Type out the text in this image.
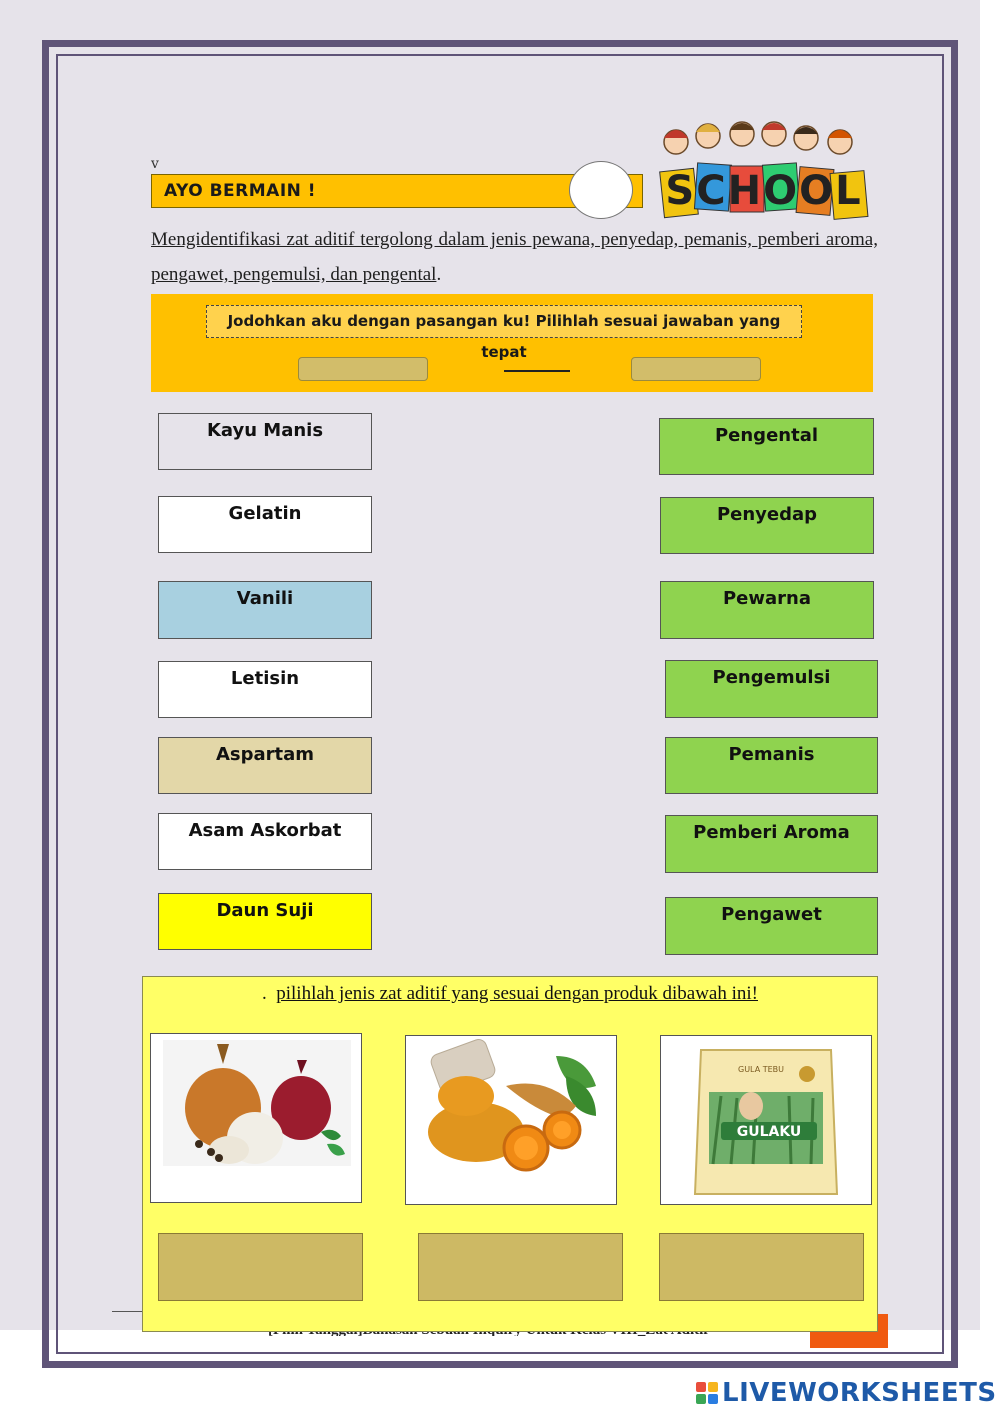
v
AYO BERMAIN !	SCHOOL
Mengidentifikasi zat aditif tergolong dalam jenis pewana, penyedap, pemanis, pemberi aroma, pengawet, pengemulsi, dan pengental.
Jodohkan aku dengan pasangan ku! Pilihlah sesuai jawaban yang tepat
Kayu Manis
Gelatin
Vanili
Letisin
Aspartam
Asam Askorbat
Daun Suji
Pengental
Penyedap
Pewarna
Pengemulsi
Pemanis
Pemberi Aroma
Pengawet
. pilihlah jenis zat aditif yang sesuai dengan produk dibawah ini!
GULAKU
GULA TEBU
LIVEWORKSHEETS
